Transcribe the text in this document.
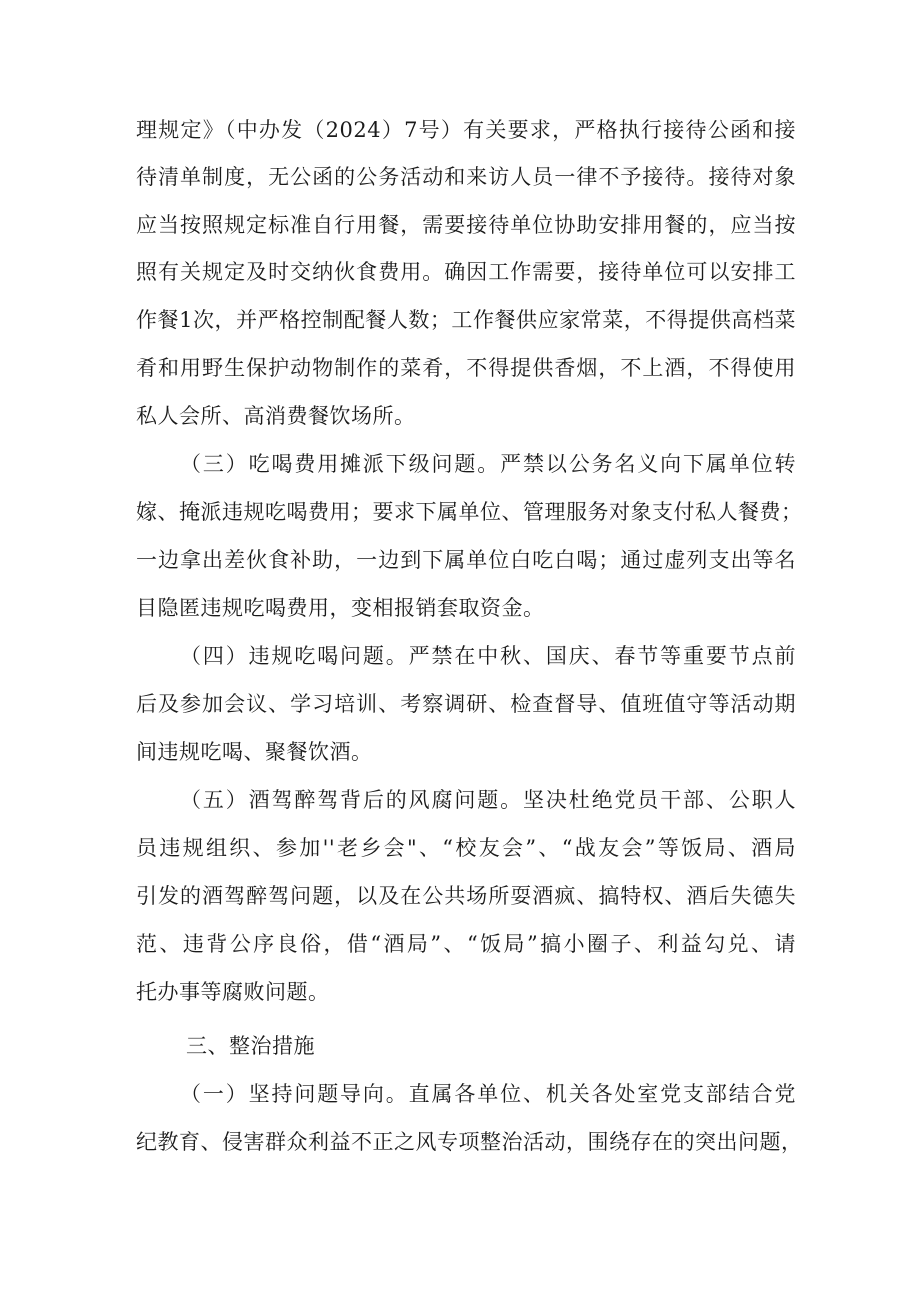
理规定》（中办发（2024）7号）有关要求，严格执行接待公函和接
待清单制度，无公函的公务活动和来访人员一律不予接待。接待对象
应当按照规定标准自行用餐，需要接待单位协助安排用餐的，应当按
照有关规定及时交纳伙食费用。确因工作需要，接待单位可以安排工
作餐1次，并严格控制配餐人数；工作餐供应家常菜，不得提供高档菜
肴和用野生保护动物制作的菜肴，不得提供香烟，不上酒，不得使用
私人会所、高消费餐饮场所。
（三）吃喝费用摊派下级问题。严禁以公务名义向下属单位转
嫁、掩派违规吃喝费用；要求下属单位、管理服务对象支付私人餐费；
一边拿出差伙食补助，一边到下属单位白吃白喝；通过虚列支出等名
目隐匿违规吃喝费用，变相报销套取资金。
（四）违规吃喝问题。严禁在中秋、国庆、春节等重要节点前
后及参加会议、学习培训、考察调研、检查督导、值班值守等活动期
间违规吃喝、聚餐饮酒。
（五）酒驾醉驾背后的风腐问题。坚决杜绝党员干部、公职人
员违规组织、参加''老乡会"、“校友会”、“战友会”等饭局、酒局
引发的酒驾醉驾问题，以及在公共场所耍酒疯、搞特权、酒后失德失
范、违背公序良俗，借“酒局”、“饭局”搞小圈子、利益勾兑、请
托办事等腐败问题。
三、整治措施
（一）坚持问题导向。直属各单位、机关各处室党支部结合党
纪教育、侵害群众利益不正之风专项整治活动，围绕存在的突出问题，
